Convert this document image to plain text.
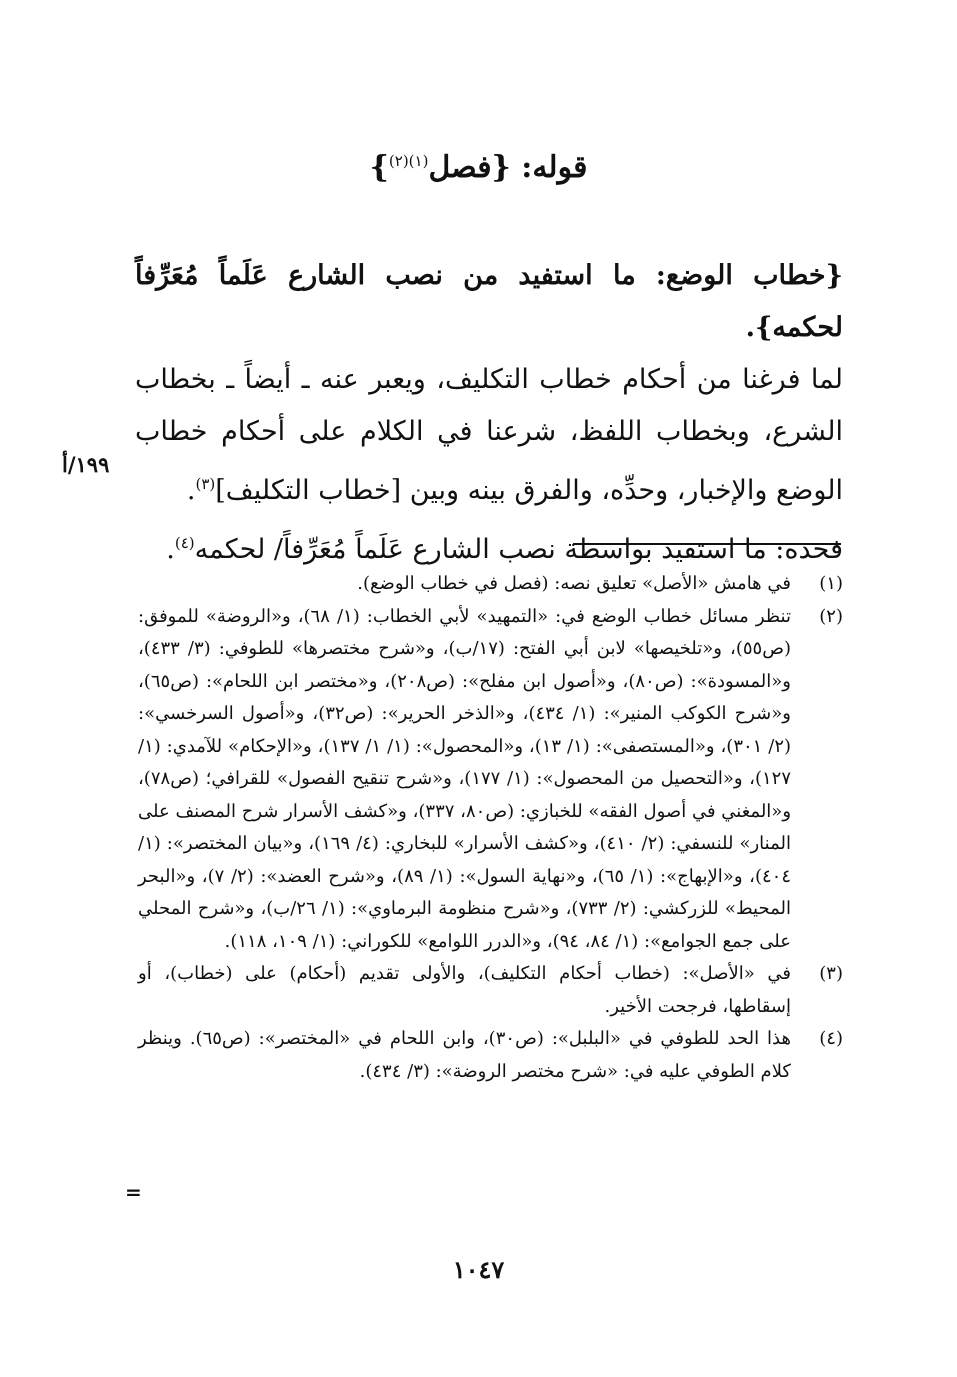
قوله: {فصل$^{(١)(٢)}$}

{خطاب الوضع: ما استفيد من نصب الشارع عَلَماً مُعَرِّفاً لحكمه}.

لما فرغنا من أحكام خطاب التكليف، ويعبر عنه ـ أيضاً ـ بخطاب الشرع، وبخطاب اللفظ، شرعنا في الكلام على أحكام خطاب الوضع والإخبار، وحدِّه، والفرق بينه وبين [خطاب التكليف]$^{(٣)}$.

فحده: ما استفيد بواسطة نصب الشارع عَلَماً مُعَرِّفاً/ لحكمه$^{(٤)}$.

١٩٩/أ
(١)
في هامش «الأصل» تعليق نصه: (فصل في خطاب الوضع).
(٢)
تنظر مسائل خطاب الوضع في: «التمهيد» لأبي الخطاب: (١/ ٦٨)، و«الروضة» للموفق: (ص٥٥)، و«تلخيصها» لابن أبي الفتح: (١٧/ب)، و«شرح مختصرها» للطوفي: (٣/ ٤٣٣)، و«المسودة»: (ص٨٠)، و«أصول ابن مفلح»: (ص٢٠٨)، و«مختصر ابن اللحام»: (ص٦٥)، و«شرح الكوكب المنير»: (١/ ٤٣٤)، و«الذخر الحرير»: (ص٣٢)، و«أصول السرخسي»: (٢/ ٣٠١)، و«المستصفى»: (١/ ١٣)، و«المحصول»: (١/ ١/ ١٣٧)، و«الإحكام» للآمدي: (١/ ١٢٧)، و«التحصيل من المحصول»: (١/ ١٧٧)، و«شرح تنقيح الفصول» للقرافي؛ (ص٧٨)، و«المغني في أصول الفقه» للخبازي: (ص٨٠، ٣٣٧)، و«كشف الأسرار شرح المصنف على المنار» للنسفي: (٢/ ٤١٠)، و«كشف الأسرار» للبخاري: (٤/ ١٦٩)، و«بيان المختصر»: (١/ ٤٠٤)، و«الإبهاج»: (١/ ٦٥)، و«نهاية السول»: (١/ ٨٩)، و«شرح العضد»: (٢/ ٧)، و«البحر المحيط» للزركشي: (٢/ ٧٣٣)، و«شرح منظومة البرماوي»: (١/ ٢٦/ب)، و«شرح المحلي على جمع الجوامع»: (١/ ٨٤، ٩٤)، و«الدرر اللوامع» للكوراني: (١/ ١٠٩، ١١٨).
(٣)
في «الأصل»: (خطاب أحكام التكليف)، والأولى تقديم (أحكام) على (خطاب)، أو إسقاطها، فرجحت الأخير.
(٤)
هذا الحد للطوفي في «البلبل»: (ص٣٠)، وابن اللحام في «المختصر»: (ص٦٥). وينظر كلام الطوفي عليه في: «شرح مختصر الروضة»: (٣/ ٤٣٤).
=
١٠٤٧
